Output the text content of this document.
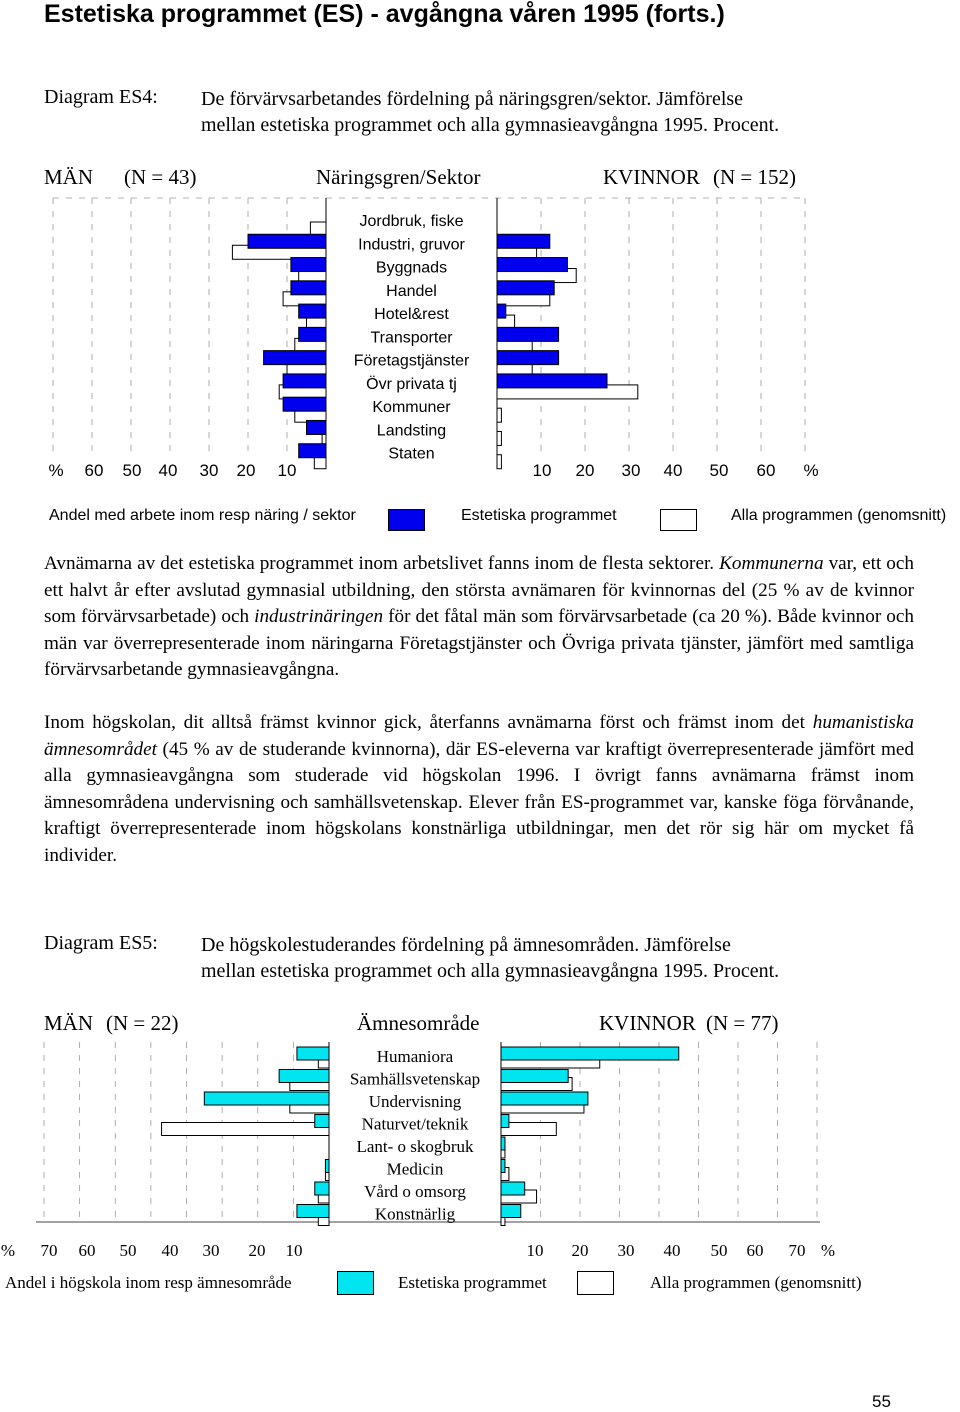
Estetiska programmet (ES) - avgångna våren 1995 (forts.)
Diagram ES4: De förvärvsarbetandes fördelning på näringsgren/sektor. Jämförelse
mellan estetiska programmet och alla gymnasieavgångna 1995. Procent.
MÄN (N = 43)	Näringsgren/Sektor	KVINNOR (N = 152)
Jordbruk, fiske
Industri, gruvor
Byggnads
Handel
Hotel&rest
Transporter
Företagstjänster
Övr privata tj
Kommuner
Landsting
Staten
% 60 50 40 30 20 10	10 20 30 40 50 60 %
Andel med arbete inom resp näring / sektor	Estetiska programmet	Alla programmen (genomsnitt)
Avnämarna av det estetiska programmet inom arbetslivet fanns inom de flesta sektorer. Kommunerna var, ett och ett halvt år efter avslutad gymnasial utbildning, den största avnämaren för kvinnornas del (25 % av de kvinnor som förvärvsarbetade) och industrinäringen för det fåtal män som förvärvsarbetade (ca 20 %). Både kvinnor och män var överrepresenterade inom näringarna Företagstjänster och Övriga privata tjänster, jämfört med samtliga förvärvsarbetande gymnasieavgångna.
Inom högskolan, dit alltså främst kvinnor gick, återfanns avnämarna först och främst inom det humanistiska ämnesområdet (45 % av de studerande kvinnorna), där ES-eleverna var kraftigt överrepresenterade jämfört med alla gymnasieavgångna som studerade vid högskolan 1996. I övrigt fanns avnämarna främst inom ämnesområdena undervisning och samhällsvetenskap. Elever från ES-programmet var, kanske föga förvånande, kraftigt överrepresenterade inom högskolans konstnärliga utbildningar, men det rör sig här om mycket få individer.
Diagram ES5: De högskolestuderandes fördelning på ämnesområden. Jämförelse
mellan estetiska programmet och alla gymnasieavgångna 1995. Procent.
MÄN (N = 22)	Ämnesområde	KVINNOR (N = 77)
Humaniora
Samhällsvetenskap
Undervisning
Naturvet/teknik
Lant- o skogbruk
Medicin
Vård o omsorg
Konstnärlig
% 70 60 50 40 30 20 10	10 20 30 40 50 60 70 %
Andel i högskola inom resp ämnesområde	Estetiska programmet	Alla programmen (genomsnitt)
55
